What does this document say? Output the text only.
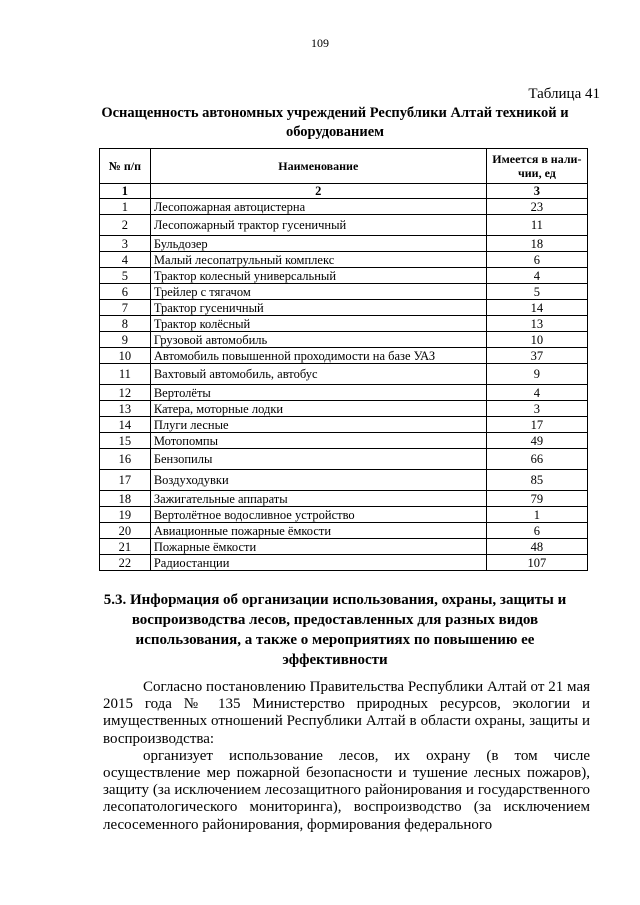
109
Таблица 41
Оснащенность автономных учреждений Республики Алтай техникой и оборудованием
№ п/п	Наименование	Имеется в нали-чии, ед
1	2	3
1	Лесопожарная автоцистерна	23
2	Лесопожарный трактор гусеничный	11
3	Бульдозер	18
4	Малый лесопатрульный комплекс	6
5	Трактор колесный универсальный	4
6	Трейлер с тягачом	5
7	Трактор гусеничный	14
8	Трактор колёсный	13
9	Грузовой автомобиль	10
10	Автомобиль повышенной проходимости на базе УАЗ	37
11	Вахтовый автомобиль, автобус	9
12	Вертолёты	4
13	Катера, моторные лодки	3
14	Плуги лесные	17
15	Мотопомпы	49
16	Бензопилы	66
17	Воздуходувки	85
18	Зажигательные аппараты	79
19	Вертолётное водосливное устройство	1
20	Авиационные пожарные ёмкости	6
21	Пожарные ёмкости	48
22	Радиостанции	107
5.3. Информация об организации использования, охраны, защиты и воспроизводства лесов, предоставленных для разных видов использования, а также о мероприятиях по повышению ее эффективности

Согласно постановлению Правительства Республики Алтай от 21 мая 2015 года № 135 Министерство природных ресурсов, экологии и имущественных отношений Республики Алтай в области охраны, защиты и воспроизводства:

организует использование лесов, их охрану (в том числе осуществление мер пожарной безопасности и тушение лесных пожаров), защиту (за исключением лесозащитного районирования и государственного лесопатологического мониторинга), воспроизводство (за исключением лесосеменного районирования, формирования федерального
